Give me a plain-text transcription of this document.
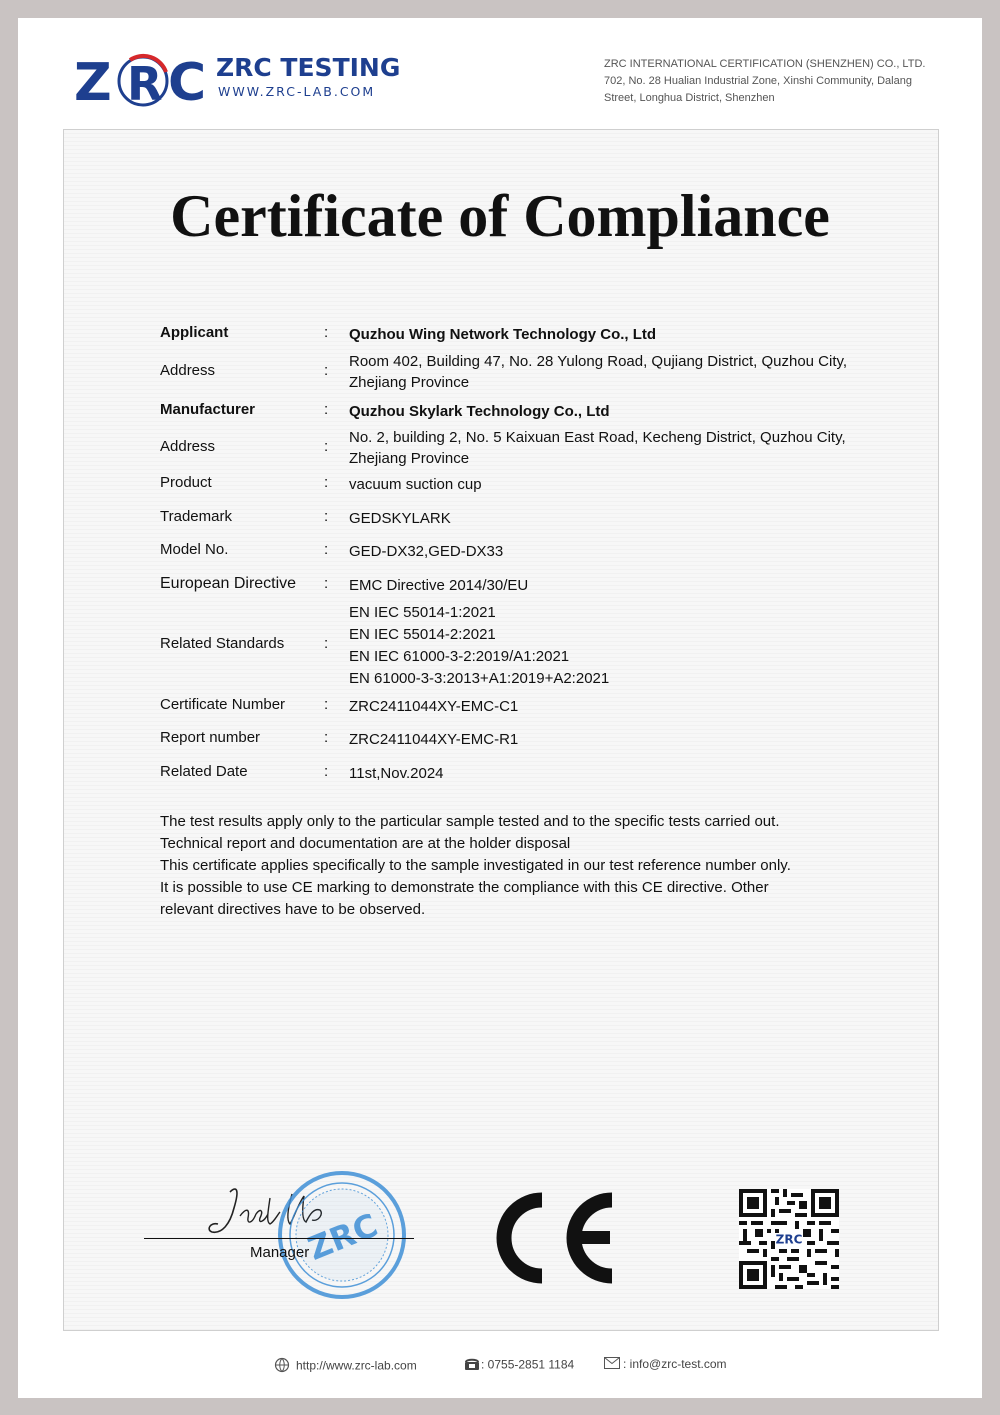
Z R C ZRC TESTING
WWW.ZRC-LAB.COM
ZRC INTERNATIONAL CERTIFICATION (SHENZHEN) CO., LTD.
702, No. 28 Hualian Industrial Zone, Xinshi Community, Dalang
Street, Longhua District, Shenzhen
Certificate of Compliance
Applicant	: Quzhou Wing Network Technology Co., Ltd
Address	:
Room 402, Building 47, No. 28 Yulong Road, Qujiang District, Quzhou City,
Zhejiang Province
Manufacturer	: Quzhou Skylark Technology Co., Ltd
Address	:
No. 2, building 2, No. 5 Kaixuan East Road, Kecheng District, Quzhou City,
Zhejiang Province
Product	: vacuum suction cup
Trademark	: GEDSKYLARK
Model No.	: GED-DX32,GED-DX33
European Directive : EMC Directive 2014/30/EU
Related Standards	:
EN IEC 55014-1:2021
EN IEC 55014-2:2021
EN IEC 61000-3-2:2019/A1:2021
EN 61000-3-3:2013+A1:2019+A2:2021
Certificate Number	: ZRC2411044XY-EMC-C1
Report number	: ZRC2411044XY-EMC-R1
Related Date	: 11st,Nov.2024
The test results apply only to the particular sample tested and to the specific tests carried out.
Technical report and documentation are at the holder disposal
This certificate applies specifically to the sample investigated in our test reference number only.
It is possible to use CE marking to demonstrate the compliance with this CE directive. Other
relevant directives have to be observed.
ZRC
Manager
ZRC
http://www.zrc-lab.com	: 0755-2851 1184	: info@zrc-test.com
